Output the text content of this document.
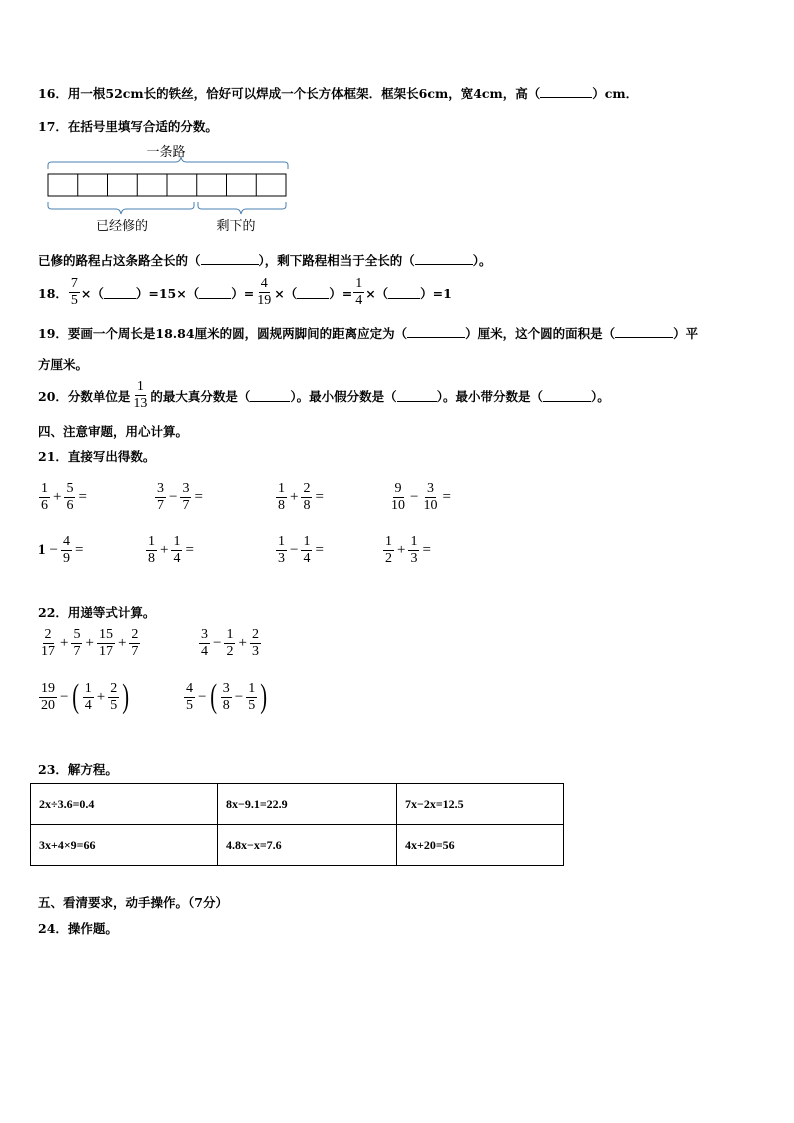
16．用一根52cm长的铁丝，恰好可以焊成一个长方体框架．框架长6cm，宽4cm，高（	）cm．
17．在括号里填写合适的分数。
一条路
已经修的	剩下的
已修的路程占这条路全长的（	），剩下路程相当于全长的（	）。
18． $\frac{7}{5}$ ×（	）=15×（	）= $\frac{4}{19}$ ×（	）= $\frac{1}{4}$ ×（	）=1
19．要画一个周长是18.84厘米的圆，圆规两脚间的距离应定为（	）厘米，这个圆的面积是（	）平
方厘米。
20．分数单位是 $\frac{1}{13}$ 的最大真分数是（	）。最小假分数是（	）。最小带分数是（	）。
四、注意审题，用心计算。
21．直接写出得数。
$\frac{1}{6} + \frac{5}{6}$ =	$\frac{3}{7} - \frac{3}{7}$ =	$\frac{1}{8} + \frac{2}{8}$ =	$\frac{9}{10} - \frac{3}{10}$ =
$1 - \frac{4}{9}$ =	$\frac{1}{8} + \frac{1}{4}$ =	$\frac{1}{3} - \frac{1}{4}$ =	$\frac{1}{2} + \frac{1}{3}$ =
22．用递等式计算。
$\frac{2}{17} + \frac{5}{7} + \frac{15}{17} + \frac{2}{7}$	$\frac{3}{4} - \frac{1}{2} + \frac{2}{3}$
$\frac{19}{20}$ − ( $\frac{1}{4} + \frac{2}{5}$ )	$\frac{4}{5}$ − ( $\frac{3}{8} - \frac{1}{5}$ )
23．解方程。
2x÷3.6=0.4	8x−9.1=22.9	7x−2x=12.5
3x+4×9=66	4.8x−x=7.6	4x+20=56
五、看清要求，动手操作。（7分）
24．操作题。
